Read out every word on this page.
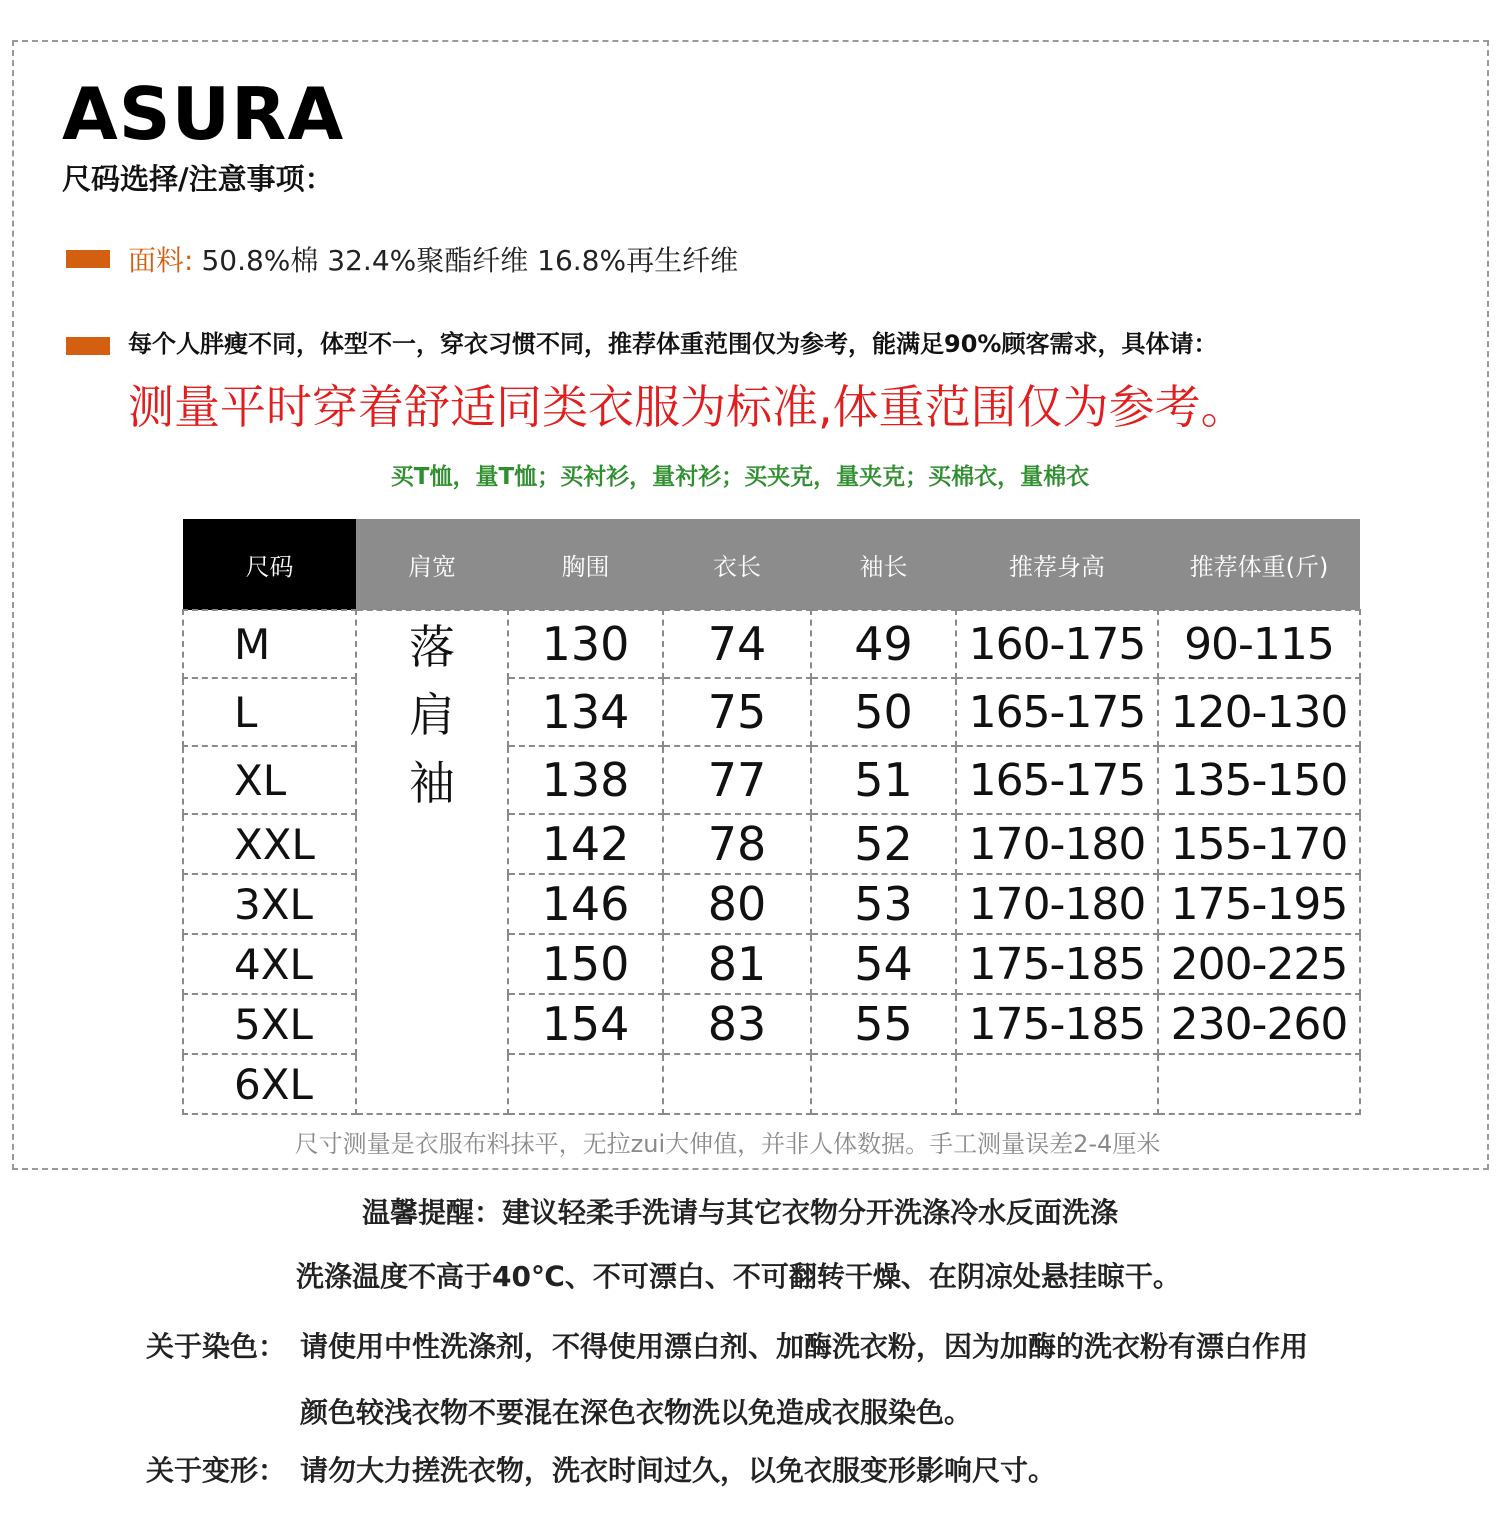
ASURA
尺码选择/注意事项：
面料: 50.8%棉 32.4%聚酯纤维 16.8%再生纤维
每个人胖瘦不同，体型不一，穿衣习惯不同，推荐体重范围仅为参考，能满足90%顾客需求，具体请：
测量平时穿着舒适同类衣服为标准,体重范围仅为参考。
买T恤，量T恤；买衬衫，量衬衫；买夹克，量夹克；买棉衣，量棉衣
尺码	肩宽	胸围	衣长	袖长	推荐身高	推荐体重(斤)
M	落	130	74	49	160-175	90-115
L	肩	134	75	50	165-175	120-130
XL	袖	138	77	51	165-175	135-150
XXL		142	78	52	170-180	155-170
3XL		146	80	53	170-180	175-195
4XL		150	81	54	175-185	200-225
5XL		154	83	55	175-185	230-260
6XL						
尺寸测量是衣服布料抹平，无拉zui大伸值，并非人体数据。手工测量误差2-4厘米
温馨提醒：建议轻柔手洗请与其它衣物分开洗涤冷水反面洗涤
洗涤温度不高于40℃、不可漂白、不可翻转干燥、在阴凉处悬挂晾干。
关于染色： 请使用中性洗涤剂，不得使用漂白剂、加酶洗衣粉，因为加酶的洗衣粉有漂白作用
颜色较浅衣物不要混在深色衣物洗以免造成衣服染色。
关于变形： 请勿大力搓洗衣物，洗衣时间过久，以免衣服变形影响尺寸。
